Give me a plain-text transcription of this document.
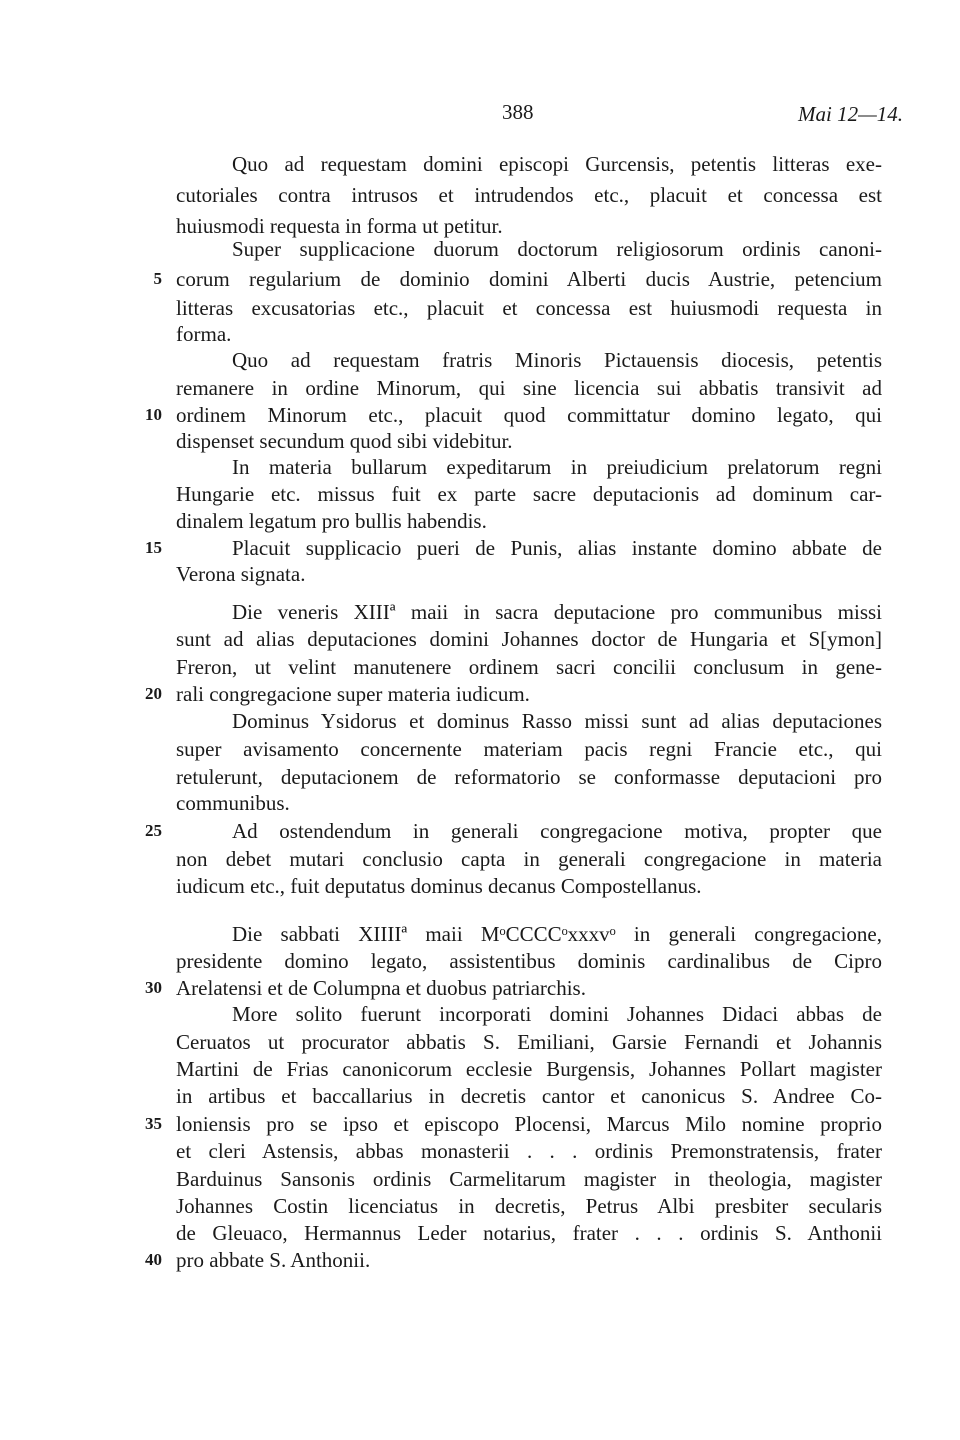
388	Mai 12—14.
Quo ad requestam domini episcopi Gurcensis, petentis litteras exe-
cutoriales contra intrusos et intrudendos etc., placuit et concessa est
huiusmodi requesta in forma ut petitur.
Super supplicacione duorum doctorum religiosorum ordinis canoni-
5 corum regularium de dominio domini Alberti ducis Austrie, petencium
litteras excusatorias etc., placuit et concessa est huiusmodi requesta in
forma.
Quo ad requestam fratris Minoris Pictauensis diocesis, petentis
remanere in ordine Minorum, qui sine licencia sui abbatis transivit ad
10 ordinem Minorum etc., placuit quod committatur domino legato, qui
dispenset secundum quod sibi videbitur.
In materia bullarum expeditarum in preiudicium prelatorum regni
Hungarie etc. missus fuit ex parte sacre deputacionis ad dominum car-
dinalem legatum pro bullis habendis.
15	Placuit supplicacio pueri de Punis, alias instante domino abbate de
Verona signata.
Die veneris XIIIª maii in sacra deputacione pro communibus missi
sunt ad alias deputaciones domini Johannes doctor de Hungaria et S[ymon]
Freron, ut velint manutenere ordinem sacri concilii conclusum in gene-
20 rali congregacione super materia iudicum.
Dominus Ysidorus et dominus Rasso missi sunt ad alias deputaciones
super avisamento concernente materiam pacis regni Francie etc., qui
retulerunt, deputacionem de reformatorio se conformasse deputacioni pro
communibus.
25	Ad ostendendum in generali congregacione motiva, propter que
non debet mutari conclusio capta in generali congregacione in materia
iudicum etc., fuit deputatus dominus decanus Compostellanus.
Die sabbati XIIIIª maii MᵒCCCCᵒxxxvᵒ in generali congregacione,
presidente domino legato, assistentibus dominis cardinalibus de Cipro
30 Arelatensi et de Columpna et duobus patriarchis.
More solito fuerunt incorporati domini Johannes Didaci abbas de
Ceruatos ut procurator abbatis S. Emiliani, Garsie Fernandi et Johannis
Martini de Frias canonicorum ecclesie Burgensis, Johannes Pollart magister
in artibus et baccallarius in decretis cantor et canonicus S. Andree Co-
35 loniensis pro se ipso et episcopo Plocensi, Marcus Milo nomine proprio
et cleri Astensis, abbas monasterii . . . ordinis Premonstratensis, frater
Barduinus Sansonis ordinis Carmelitarum magister in theologia, magister
Johannes Costin licenciatus in decretis, Petrus Albi presbiter secularis
de Gleuaco, Hermannus Leder notarius, frater . . . ordinis S. Anthonii
40 pro abbate S. Anthonii.
